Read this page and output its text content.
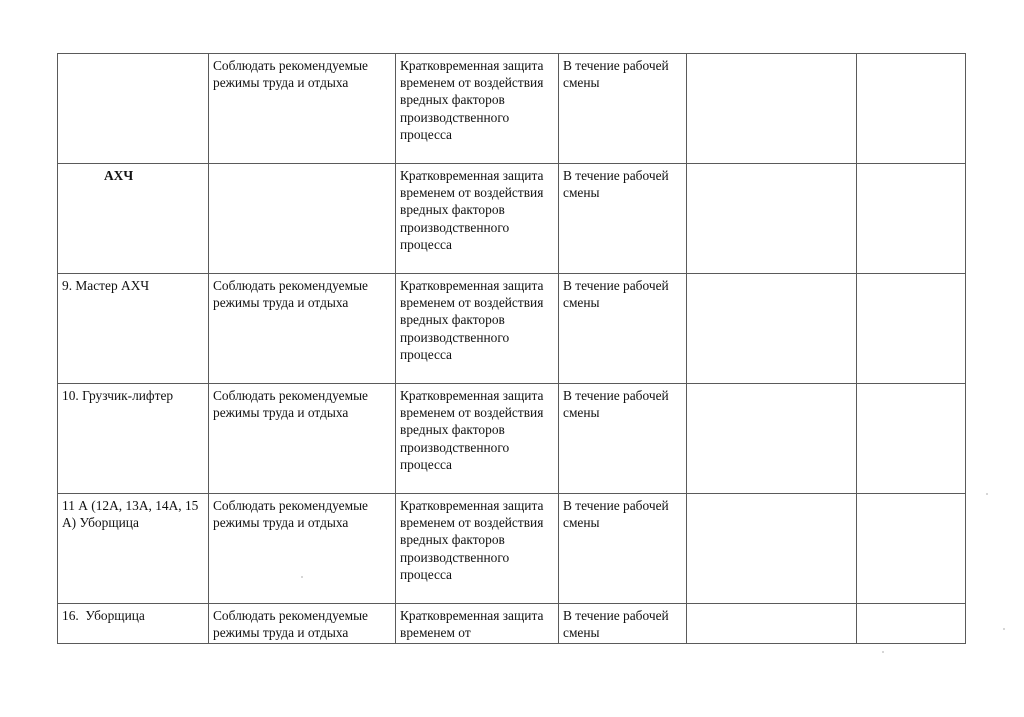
	Соблюдать рекомендуемые режимы труда и отдыха	Кратковременная защита временем от воздействия вредных факторов производственного процесса	В течение рабочей смены		
АХЧ		Кратковременная защита временем от воздействия вредных факторов производственного процесса	В течение рабочей смены		
9. Мастер АХЧ	Соблюдать рекомендуемые режимы труда и отдыха	Кратковременная защита временем от воздействия вредных факторов производственного процесса	В течение рабочей смены		
10. Грузчик-лифтер	Соблюдать рекомендуемые режимы труда и отдыха	Кратковременная защита временем от воздействия вредных факторов производственного процесса	В течение рабочей смены		
11 А (12А, 13А, 14А, 15 А) Уборщица	Соблюдать рекомендуемые режимы труда и отдыха	Кратковременная защита временем от воздействия вредных факторов производственного процесса	В течение рабочей смены		
16.  Уборщица	Соблюдать рекомендуемые режимы труда и отдыха	Кратковременная защита временем от	В течение рабочей смены		
